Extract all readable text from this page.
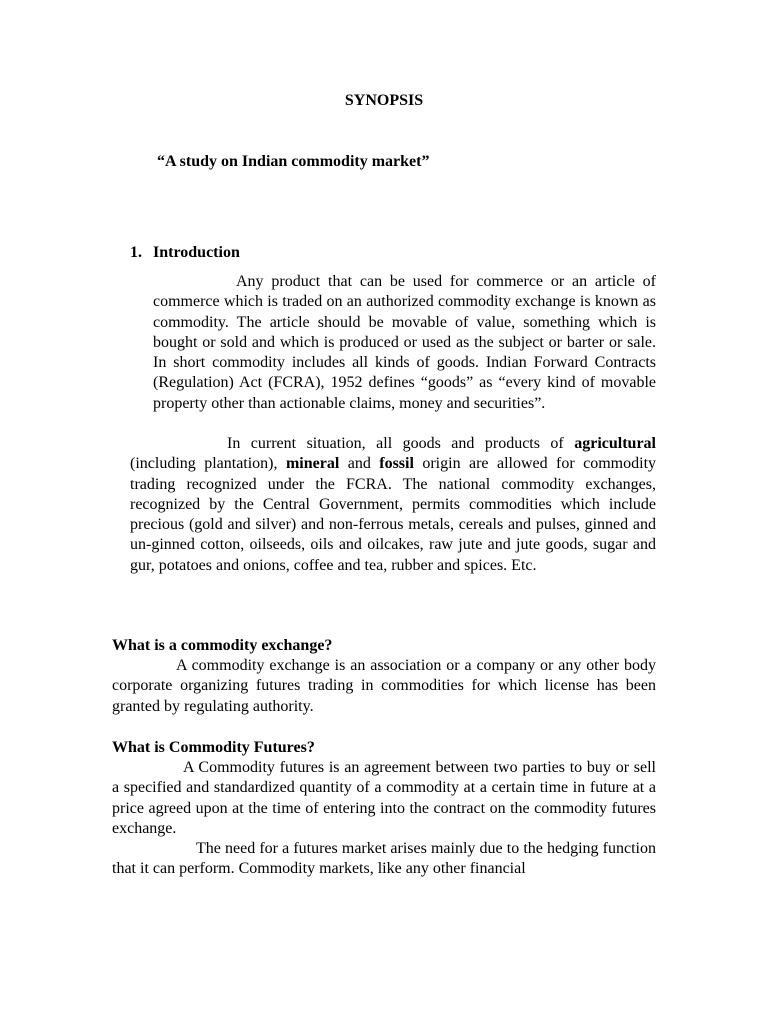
SYNOPSIS

“A study on Indian commodity market”

1. Introduction

Any product that can be used for commerce or an article of commerce which is traded on an authorized commodity exchange is known as commodity. The article should be movable of value, something which is bought or sold and which is produced or used as the subject or barter or sale. In short commodity includes all kinds of goods. Indian Forward Contracts (Regulation) Act (FCRA), 1952 defines “goods” as “every kind of movable property other than actionable claims, money and securities”.

In current situation, all goods and products of agricultural (including plantation), mineral and fossil origin are allowed for commodity trading recognized under the FCRA. The national commodity exchanges, recognized by the Central Government, permits commodities which include precious (gold and silver) and non-ferrous metals, cereals and pulses, ginned and un-ginned cotton, oilseeds, oils and oilcakes, raw jute and jute goods, sugar and gur, potatoes and onions, coffee and tea, rubber and spices. Etc.

What is a commodity exchange?

A commodity exchange is an association or a company or any other body corporate organizing futures trading in commodities for which license has been granted by regulating authority.

What is Commodity Futures?

A Commodity futures is an agreement between two parties to buy or sell a specified and standardized quantity of a commodity at a certain time in future at a price agreed upon at the time of entering into the contract on the commodity futures exchange.

The need for a futures market arises mainly due to the hedging function that it can perform. Commodity markets, like any other financial
